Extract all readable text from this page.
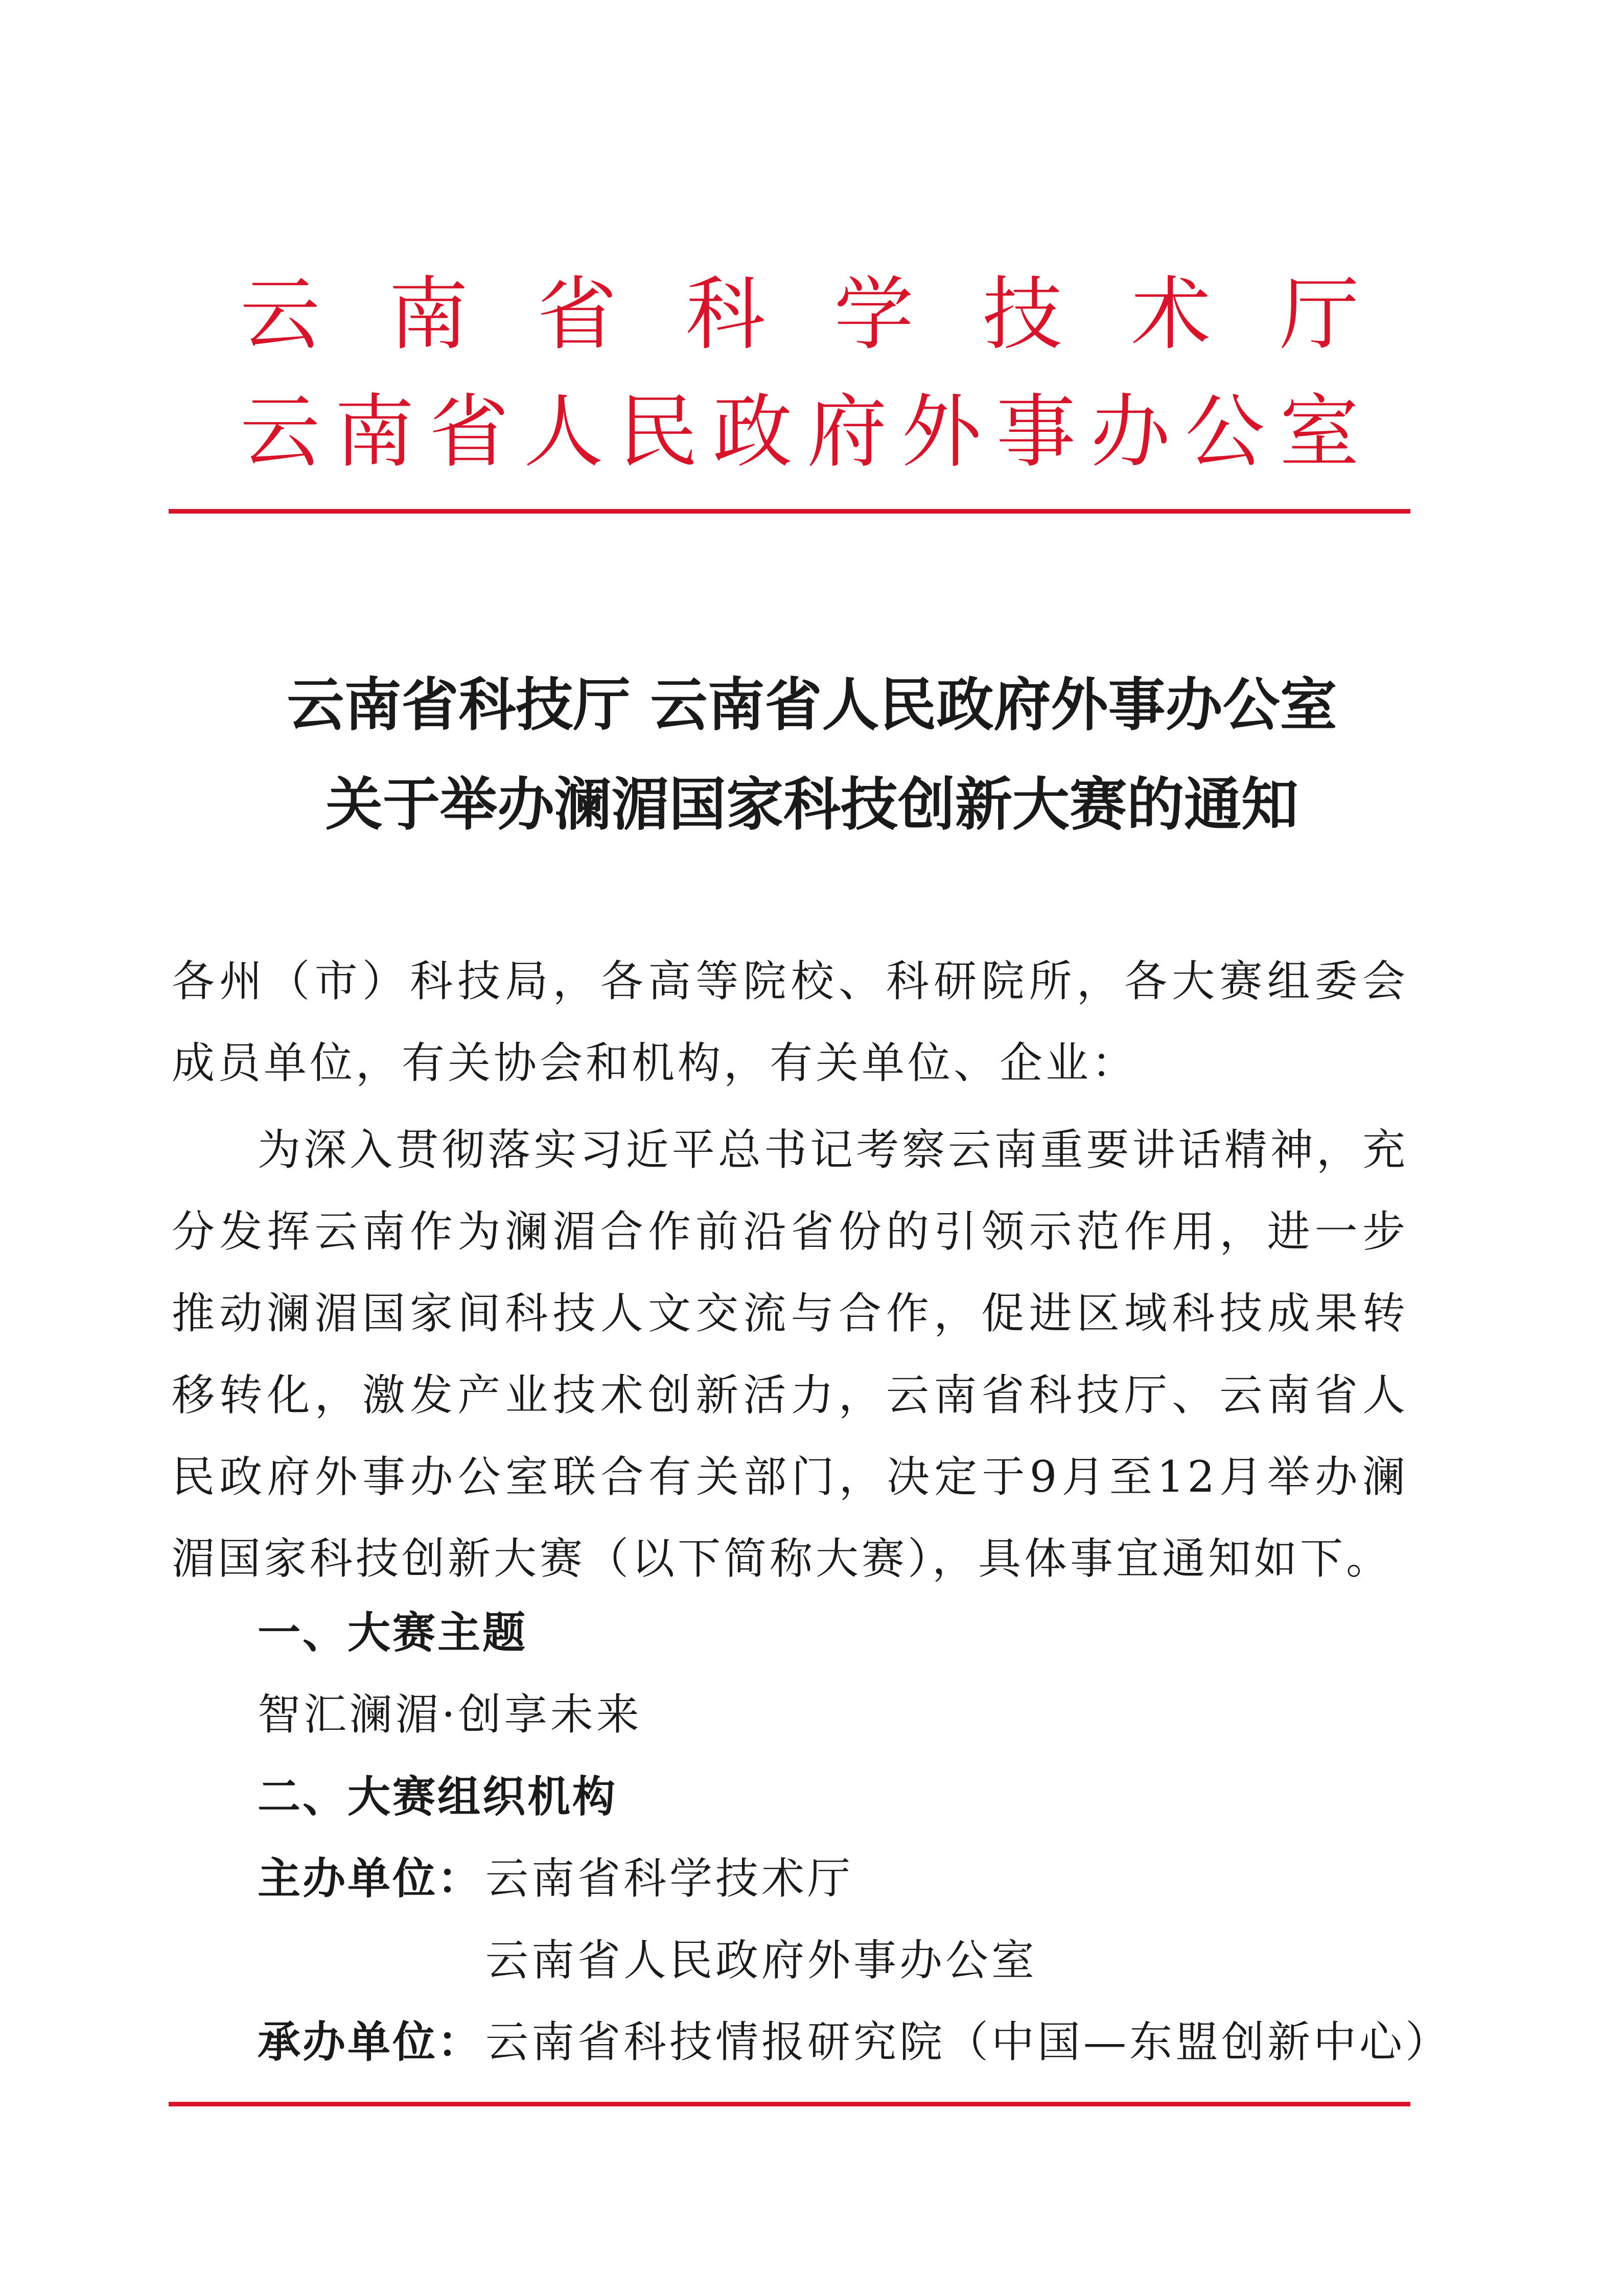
云 南 省 科 学 技 术 厅
云 南 省 人 民 政 府 外 事 办 公 室
云南省科技厅 云南省人民政府外事办公室
关于举办澜湄国家科技创新大赛的通知
各州（市）科技局，各高等院校、科研院所，各大赛组委会成员单位，有关协会和机构，有关单位、企业：
为深入贯彻落实习近平总书记考察云南重要讲话精神，充分发挥云南作为澜湄合作前沿省份的引领示范作用，进一步推动澜湄国家间科技人文交流与合作，促进区域科技成果转移转化，激发产业技术创新活力，云南省科技厅、云南省人民政府外事办公室联合有关部门，决定于9月至12月举办澜湄国家科技创新大赛（以下简称大赛），具体事宜通知如下。
一、大赛主题
智汇澜湄·创享未来
二、大赛组织机构
主办单位： 云南省科学技术厅
云南省人民政府外事办公室
承办单位： 云南省科技情报研究院（中国—东盟创新中心）
